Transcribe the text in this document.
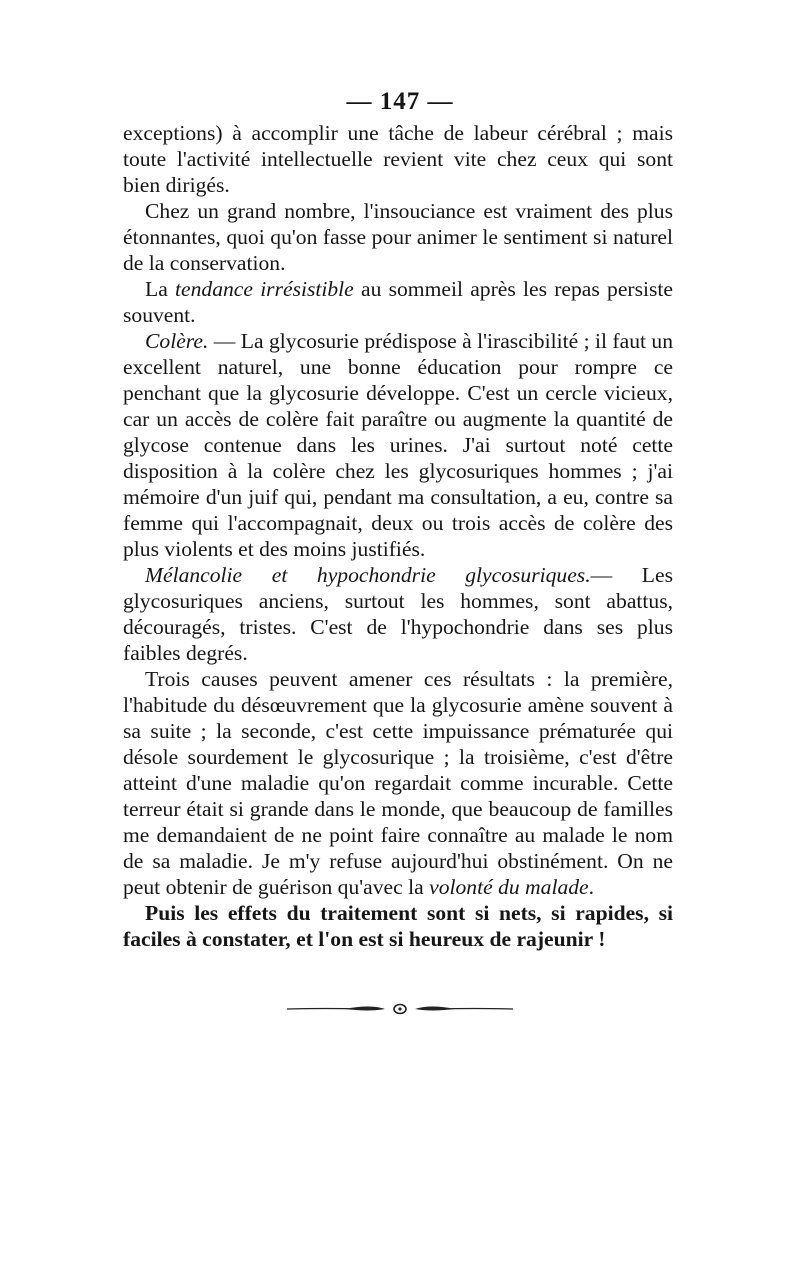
— 147 —

exceptions) à accomplir une tâche de labeur cérébral ; mais toute l'activité intellectuelle revient vite chez ceux qui sont bien dirigés.

Chez un grand nombre, l'insouciance est vraiment des plus étonnantes, quoi qu'on fasse pour animer le sentiment si naturel de la conservation.

La tendance irrésistible au sommeil après les repas persiste souvent.

Colère. — La glycosurie prédispose à l'irascibilité ; il faut un excellent naturel, une bonne éducation pour rompre ce penchant que la glycosurie développe. C'est un cercle vicieux, car un accès de colère fait paraître ou augmente la quantité de glycose contenue dans les urines. J'ai surtout noté cette disposition à la colère chez les glycosuriques hommes ; j'ai mémoire d'un juif qui, pendant ma consultation, a eu, contre sa femme qui l'accompagnait, deux ou trois accès de colère des plus violents et des moins justifiés.

Mélancolie et hypochondrie glycosuriques.— Les glycosuriques anciens, surtout les hommes, sont abattus, découragés, tristes. C'est de l'hypochondrie dans ses plus faibles degrés.

Trois causes peuvent amener ces résultats : la première, l'habitude du désœuvrement que la glycosurie amène souvent à sa suite ; la seconde, c'est cette impuissance prématurée qui désole sourdement le glycosurique ; la troisième, c'est d'être atteint d'une maladie qu'on regardait comme incurable. Cette terreur était si grande dans le monde, que beaucoup de familles me demandaient de ne point faire connaître au malade le nom de sa maladie. Je m'y refuse aujourd'hui obstinément. On ne peut obtenir de guérison qu'avec la volonté du malade.

Puis les effets du traitement sont si nets, si rapides, si faciles à constater, et l'on est si heureux de rajeunir !
